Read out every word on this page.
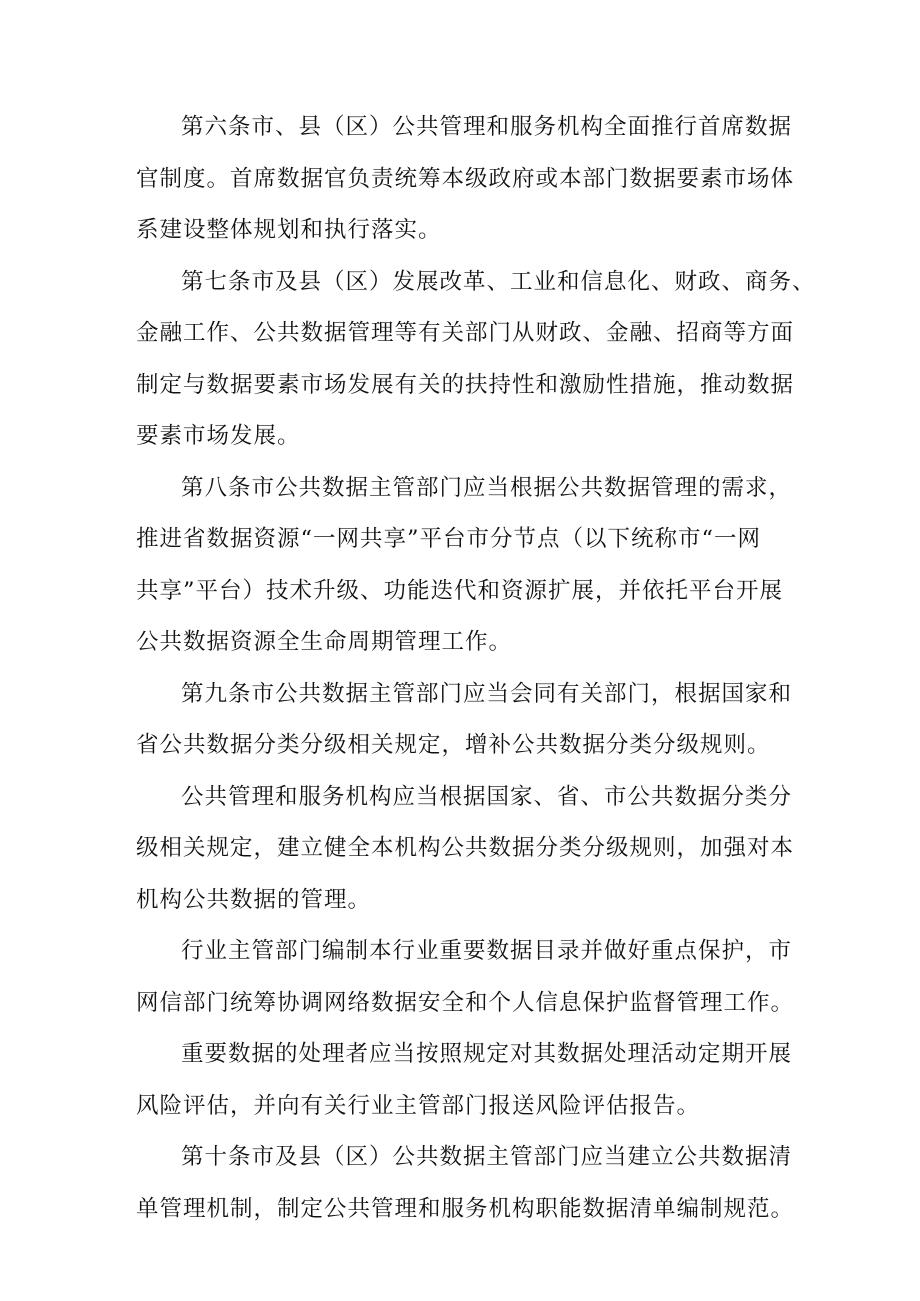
第六条市、县（区）公共管理和服务机构全面推行首席数据
官制度。首席数据官负责统筹本级政府或本部门数据要素市场体
系建设整体规划和执行落实。

第七条市及县（区）发展改革、工业和信息化、财政、商务、
金融工作、公共数据管理等有关部门从财政、金融、招商等方面
制定与数据要素市场发展有关的扶持性和激励性措施，推动数据
要素市场发展。

第八条市公共数据主管部门应当根据公共数据管理的需求，
推进省数据资源“一网共享”平台市分节点（以下统称市“一网
共享”平台）技术升级、功能迭代和资源扩展，并依托平台开展
公共数据资源全生命周期管理工作。

第九条市公共数据主管部门应当会同有关部门，根据国家和
省公共数据分类分级相关规定，增补公共数据分类分级规则。

公共管理和服务机构应当根据国家、省、市公共数据分类分
级相关规定，建立健全本机构公共数据分类分级规则，加强对本
机构公共数据的管理。

行业主管部门编制本行业重要数据目录并做好重点保护，市
网信部门统筹协调网络数据安全和个人信息保护监督管理工作。

重要数据的处理者应当按照规定对其数据处理活动定期开展
风险评估，并向有关行业主管部门报送风险评估报告。

第十条市及县（区）公共数据主管部门应当建立公共数据清
单管理机制，制定公共管理和服务机构职能数据清单编制规范。
